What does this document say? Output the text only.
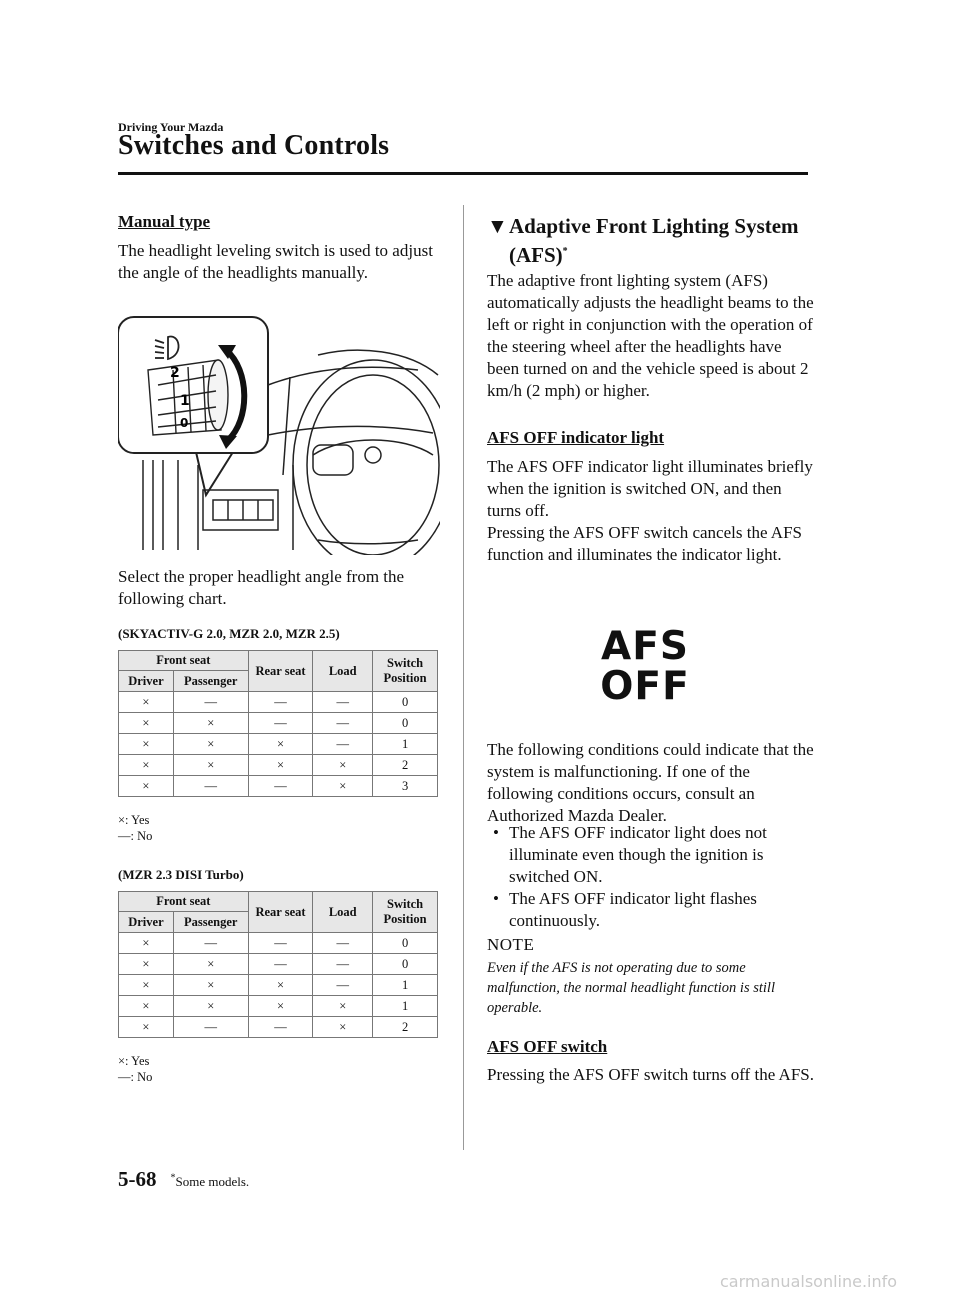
Driving Your Mazda
Switches and Controls
Manual type

The headlight leveling switch is used to adjust the angle of the headlights manually.

2
1
0

Select the proper headlight angle from the following chart.

(SKYACTIV-G 2.0, MZR 2.0, MZR 2.5)
Front seat		Rear seat	Load	Switch Position
Driver	Passenger			
×	—	—	—	0
×	×	—	—	0
×	×	×	—	1
×	×	×	×	2
×	—	—	×	3
×: Yes
—: No
(MZR 2.3 DISI Turbo)
Front seat		Rear seat	Load	Switch Position
Driver	Passenger			
×	—	—	—	0
×	×	—	—	0
×	×	×	—	1
×	×	×	×	1
×	—	—	×	2
×: Yes
—: No
▼ Adaptive Front Lighting System (AFS)*

The adaptive front lighting system (AFS) automatically adjusts the headlight beams to the left or right in conjunction with the operation of the steering wheel after the headlights have been turned on and the vehicle speed is about 2 km/h (2 mph) or higher.

AFS OFF indicator light

The AFS OFF indicator light illuminates briefly when the ignition is switched ON, and then turns off.

Pressing the AFS OFF switch cancels the AFS function and illuminates the indicator light.

AFS
OFF

The following conditions could indicate that the system is malfunctioning. If one of the following conditions occurs, consult an Authorized Mazda Dealer.

• The AFS OFF indicator light does not illuminate even though the ignition is switched ON.
• The AFS OFF indicator light flashes continuously.
NOTE

Even if the AFS is not operating due to some malfunction, the normal headlight function is still operable.

AFS OFF switch

Pressing the AFS OFF switch turns off the AFS.

5-68 *Some models.
carmanualsonline.info
